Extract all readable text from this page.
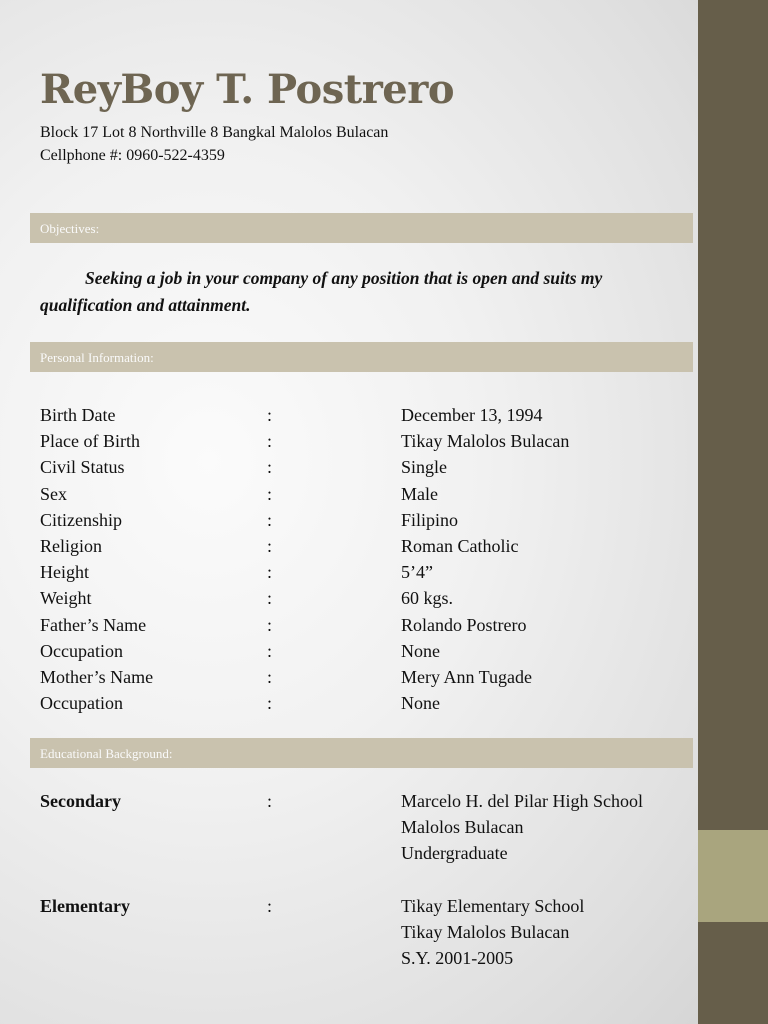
ReyBoy T. Postrero
Block 17 Lot 8 Northville 8 Bangkal Malolos Bulacan
Cellphone #: 0960-522-4359
Objectives:
Seeking a job in your company of any position that is open and suits my qualification and attainment.
Personal Information:
Birth Date	:	December 13, 1994
Place of Birth	:	Tikay Malolos Bulacan
Civil Status	:	Single
Sex	:	Male
Citizenship	:	Filipino
Religion	:	Roman Catholic
Height	:	5’4”
Weight	:	60 kgs.
Father’s Name	:	Rolando Postrero
Occupation	:	None
Mother’s Name	:	Mery Ann Tugade
Occupation	:	None
Educational Background:
Secondary	:	Marcelo H. del Pilar High School
Malolos Bulacan
Undergraduate
Elementary	:	Tikay Elementary School
Tikay Malolos Bulacan
S.Y. 2001-2005
